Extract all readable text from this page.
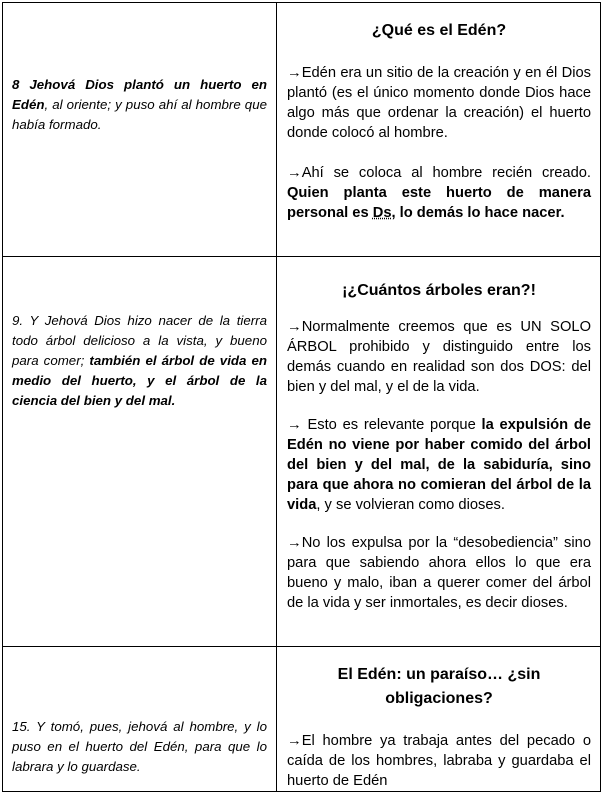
8 Jehová Dios plantó un huerto en Edén, al oriente; y puso ahí al hombre que había formado.	¿Qué es el Edén?

→Edén era un sitio de la creación y en él Dios plantó (es el único momento donde Dios hace algo más que ordenar la creación) el huerto donde colocó al hombre.

→Ahí se coloca al hombre recién creado. Quien planta este huerto de manera personal es Ds, lo demás lo hace nacer.

9. Y Jehová Dios hizo nacer de la tierra todo árbol delicioso a la vista, y bueno para comer; también el árbol de vida en medio del huerto, y el árbol de la ciencia del bien y del mal.	¡¿Cuántos árboles eran?!

→Normalmente creemos que es UN SOLO ÁRBOL prohibido y distinguido entre los demás cuando en realidad son dos DOS: del bien y del mal, y el de la vida.

→ Esto es relevante porque la expulsión de Edén no viene por haber comido del árbol del bien y del mal, de la sabiduría, sino para que ahora no comieran del árbol de la vida, y se volvieran como dioses.

→No los expulsa por la “desobediencia” sino para que sabiendo ahora ellos lo que era bueno y malo, iban a querer comer del árbol de la vida y ser inmortales, es decir dioses.

15. Y tomó, pues, jehová al hombre, y lo puso en el huerto del Edén, para que lo labrara y lo guardase.	El Edén: un paraíso… ¿sin obligaciones?

→El hombre ya trabaja antes del pecado o caída de los hombres, labraba y guardaba el huerto de Edén
